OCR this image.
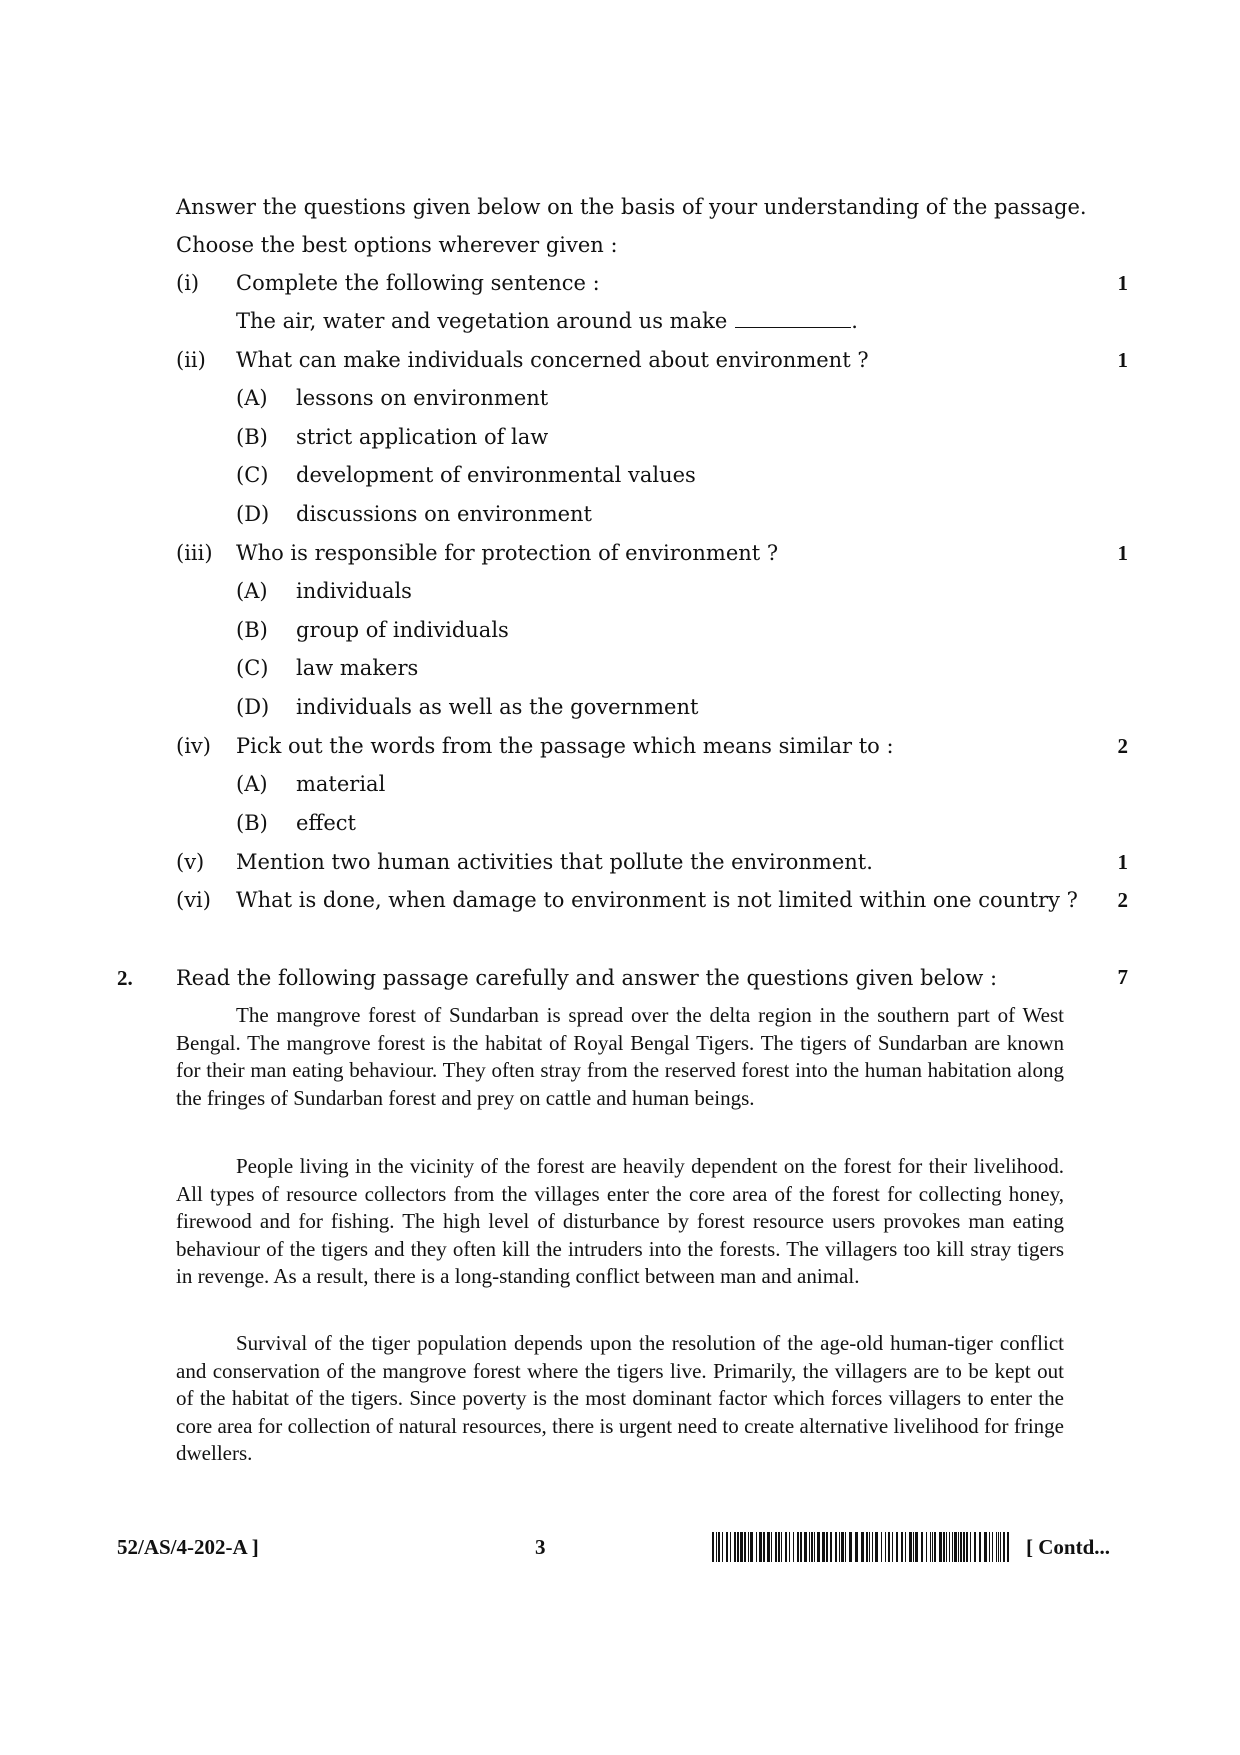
Answer the questions given below on the basis of your understanding of the passage.
Choose the best options wherever given :
(i) Complete the following sentence :	1
The air, water and vegetation around us make	.
(ii) What can make individuals concerned about environment ?	1
(A) lessons on environment
(B) strict application of law
(C) development of environmental values
(D) discussions on environment
(iii) Who is responsible for protection of environment ?	1
(A) individuals
(B) group of individuals
(C) law makers
(D) individuals as well as the government
(iv) Pick out the words from the passage which means similar to :	2
(A) material
(B) effect
(v) Mention two human activities that pollute the environment.	1
(vi) What is done, when damage to environment is not limited within one country ? 2
2. Read the following passage carefully and answer the questions given below :	7
The mangrove forest of Sundarban is spread over the delta region in the southern part of West Bengal. The mangrove forest is the habitat of Royal Bengal Tigers. The tigers of Sundarban are known for their man eating behaviour. They often stray from the reserved forest into the human habitation along the fringes of Sundarban forest and prey on cattle and human beings.
People living in the vicinity of the forest are heavily dependent on the forest for their livelihood. All types of resource collectors from the villages enter the core area of the forest for collecting honey, firewood and for fishing. The high level of disturbance by forest resource users provokes man eating behaviour of the tigers and they often kill the intruders into the forests. The villagers too kill stray tigers in revenge. As a result, there is a long-standing conflict between man and animal.
Survival of the tiger population depends upon the resolution of the age-old human-tiger conflict and conservation of the mangrove forest where the tigers live. Primarily, the villagers are to be kept out of the habitat of the tigers. Since poverty is the most dominant factor which forces villagers to enter the core area for collection of natural resources, there is urgent need to create alternative livelihood for fringe dwellers.
52/AS/4-202-A ]	3	[ Contd...
